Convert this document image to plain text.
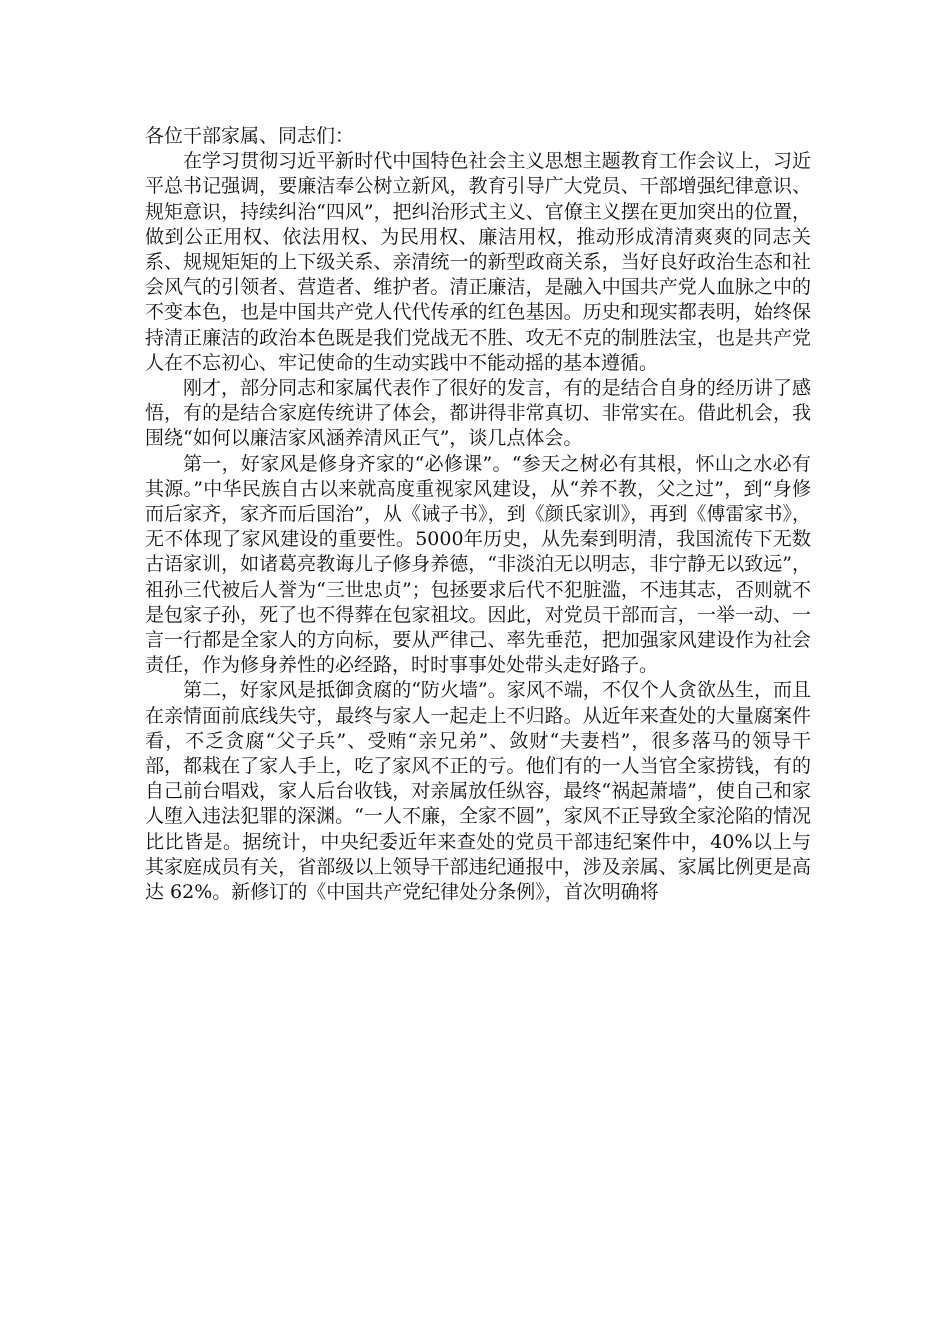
各位干部家属、同志们：

在学习贯彻习近平新时代中国特色社会主义思想主题教育工作会议上，习近平总书记强调，要廉洁奉公树立新风，教育引导广大党员、干部增强纪律意识、规矩意识，持续纠治“四风”，把纠治形式主义、官僚主义摆在更加突出的位置，做到公正用权、依法用权、为民用权、廉洁用权，推动形成清清爽爽的同志关系、规规矩矩的上下级关系、亲清统一的新型政商关系，当好良好政治生态和社会风气的引领者、营造者、维护者。清正廉洁，是融入中国共产党人血脉之中的不变本色，也是中国共产党人代代传承的红色基因。历史和现实都表明，始终保持清正廉洁的政治本色既是我们党战无不胜、攻无不克的制胜法宝，也是共产党人在不忘初心、牢记使命的生动实践中不能动摇的基本遵循。

刚才，部分同志和家属代表作了很好的发言，有的是结合自身的经历讲了感悟，有的是结合家庭传统讲了体会，都讲得非常真切、非常实在。借此机会，我围绕“如何以廉洁家风涵养清风正气”，谈几点体会。

第一，好家风是修身齐家的“必修课”。“参天之树必有其根，怀山之水必有其源。”中华民族自古以来就高度重视家风建设，从“养不教，父之过”，到“身修而后家齐，家齐而后国治”，从《诫子书》，到《颜氏家训》，再到《傅雷家书》，无不体现了家风建设的重要性。5000年历史，从先秦到明清，我国流传下无数古语家训，如诸葛亮教诲儿子修身养德，“非淡泊无以明志，非宁静无以致远”，祖孙三代被后人誉为“三世忠贞”；包拯要求后代不犯脏滥，不违其志，否则就不是包家子孙，死了也不得葬在包家祖坟。因此，对党员干部而言，一举一动、一言一行都是全家人的方向标，要从严律己、率先垂范，把加强家风建设作为社会责任，作为修身养性的必经路，时时事事处处带头走好路子。

第二，好家风是抵御贪腐的“防火墙”。家风不端，不仅个人贪欲丛生，而且在亲情面前底线失守，最终与家人一起走上不归路。从近年来查处的大量腐案件看，不乏贪腐“父子兵”、受贿“亲兄弟”、敛财“夫妻档”，很多落马的领导干部，都栽在了家人手上，吃了家风不正的亏。他们有的一人当官全家捞钱，有的自己前台唱戏，家人后台收钱，对亲属放任纵容，最终“祸起萧墙”，使自己和家人堕入违法犯罪的深渊。“一人不廉，全家不圆”，家风不正导致全家沦陷的情况比比皆是。据统计，中央纪委近年来查处的党员干部违纪案件中，40%以上与其家庭成员有关，省部级以上领导干部违纪通报中，涉及亲属、家属比例更是高达 62%。新修订的《中国共产党纪律处分条例》，首次明确将
